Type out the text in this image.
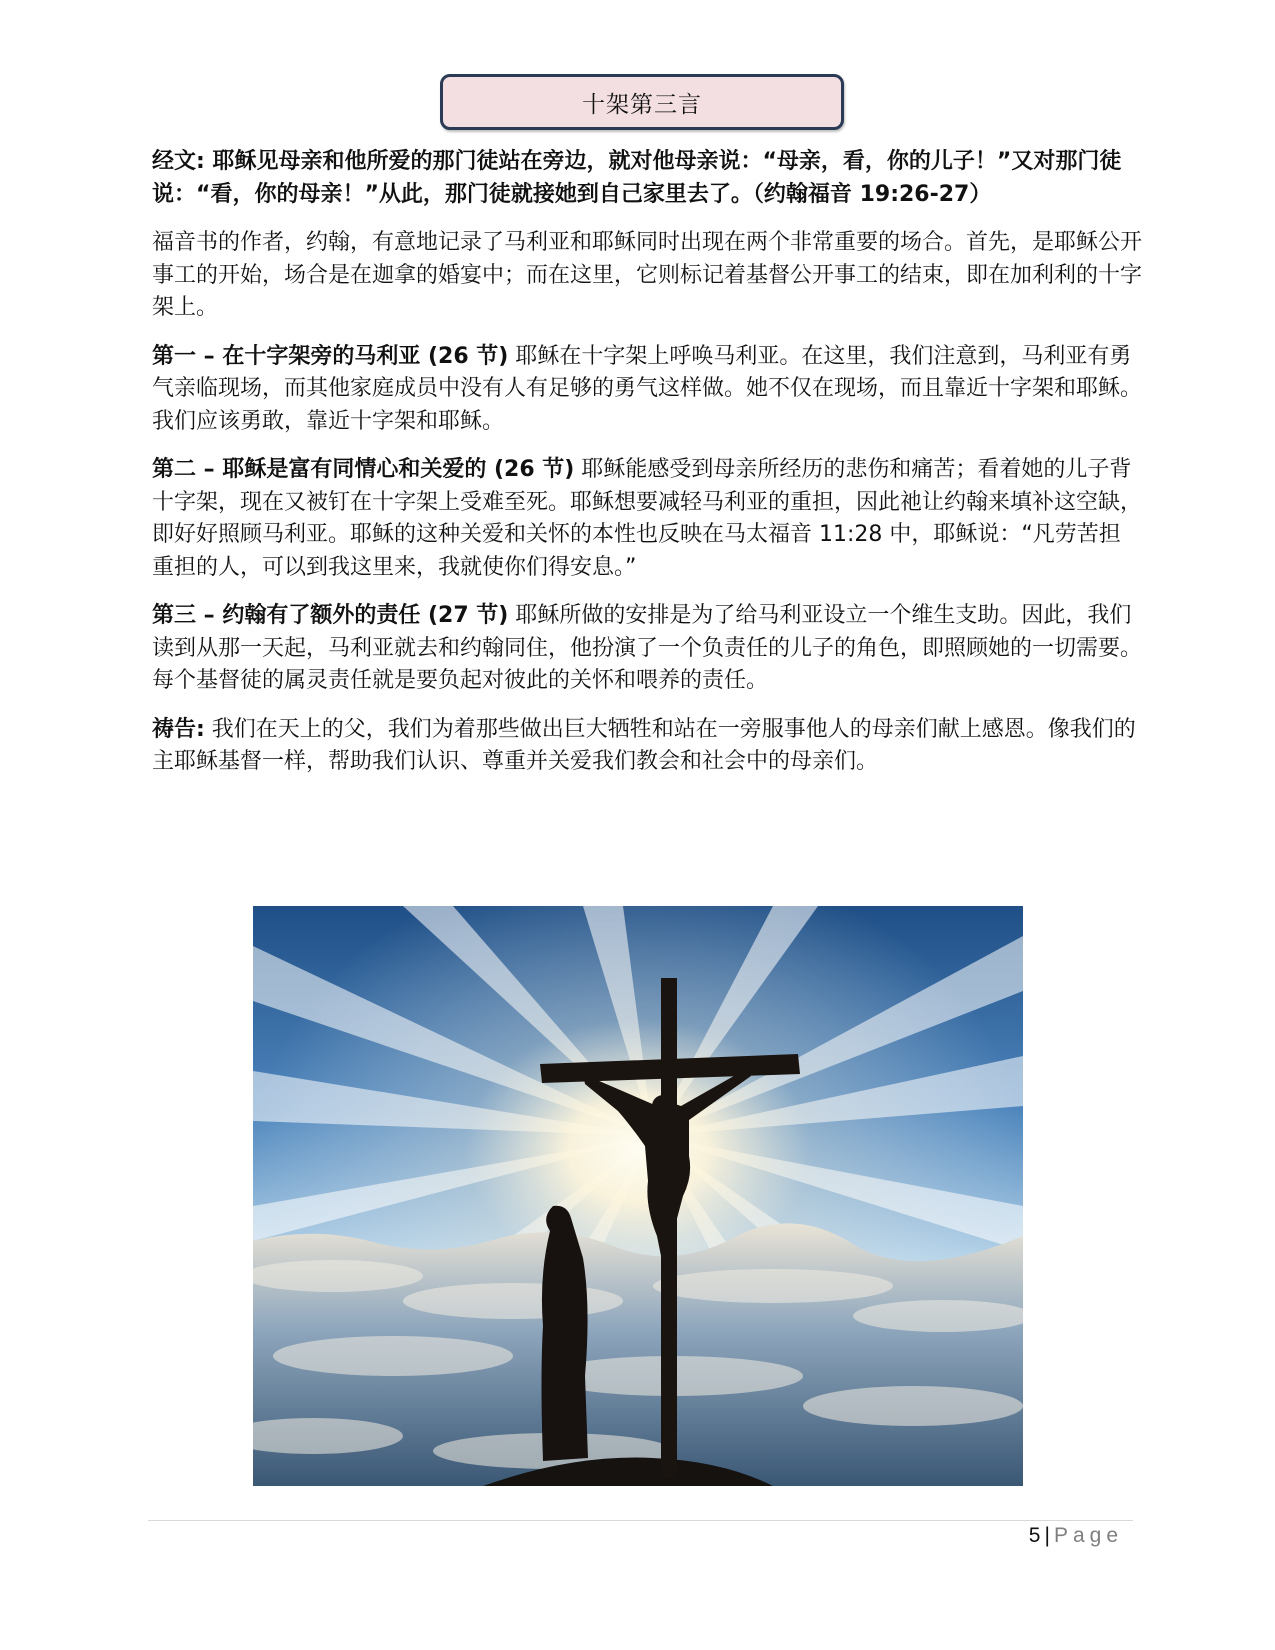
十架第三言

经文: 耶稣见母亲和他所爱的那门徒站在旁边，就对他母亲说：“母亲，看，你的儿子！”又对那门徒说：“看，你的母亲！”从此，那门徒就接她到自己家里去了。（约翰福音 19:26-27）

福音书的作者，约翰，有意地记录了马利亚和耶稣同时出现在两个非常重要的场合。首先，是耶稣公开事工的开始，场合是在迦拿的婚宴中；而在这里，它则标记着基督公开事工的结束，即在加利利的十字架上。

第一 – 在十字架旁的马利亚 (26 节) 耶稣在十字架上呼唤马利亚。在这里，我们注意到，马利亚有勇气亲临现场，而其他家庭成员中没有人有足够的勇气这样做。她不仅在现场，而且靠近十字架和耶稣。我们应该勇敢，靠近十字架和耶稣。

第二 – 耶稣是富有同情心和关爱的 (26 节) 耶稣能感受到母亲所经历的悲伤和痛苦；看着她的儿子背十字架，现在又被钉在十字架上受难至死。耶稣想要减轻马利亚的重担，因此祂让约翰来填补这空缺，即好好照顾马利亚。耶稣的这种关爱和关怀的本性也反映在马太福音 11:28 中，耶稣说：“凡劳苦担重担的人，可以到我这里来，我就使你们得安息。”

第三 – 约翰有了额外的责任 (27 节) 耶稣所做的安排是为了给马利亚设立一个维生支助。因此，我们读到从那一天起，马利亚就去和约翰同住，他扮演了一个负责任的儿子的角色，即照顾她的一切需要。每个基督徒的属灵责任就是要负起对彼此的关怀和喂养的责任。

祷告: 我们在天上的父，我们为着那些做出巨大牺牲和站在一旁服事他人的母亲们献上感恩。像我们的主耶稣基督一样，帮助我们认识、尊重并关爱我们教会和社会中的母亲们。

5 | Page
